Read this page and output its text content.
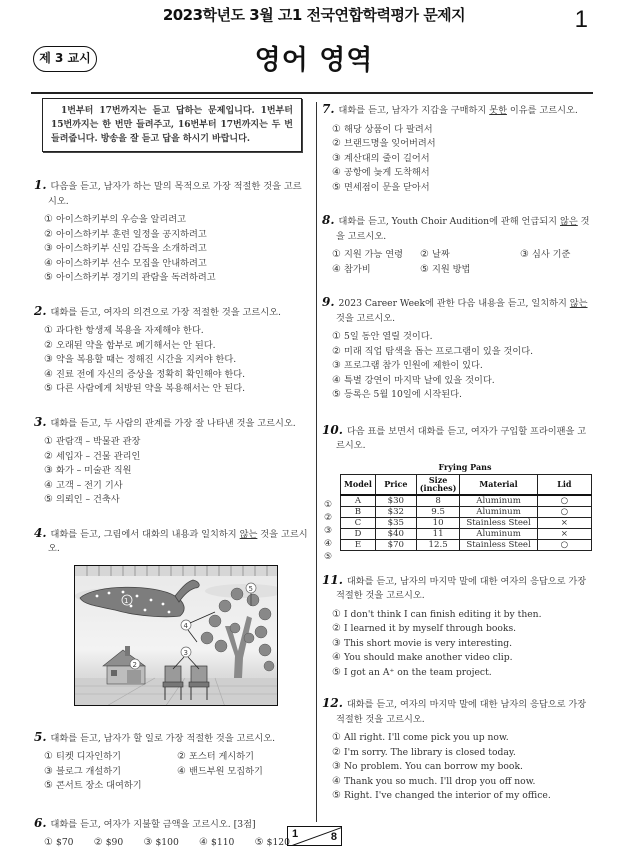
2023학년도 3월 고1 전국연합학력평가 문제지	1
제 3 교시	영어 영역
1번부터 17번까지는 듣고 답하는 문제입니다. 1번부터 15번까지는 한 번만 들려주고, 16번부터 17번까지는 두 번 들려줍니다. 방송을 잘 듣고 답을 하시기 바랍니다.
1. 다음을 듣고, 남자가 하는 말의 목적으로 가장 적절한 것을 고르시오.
① 아이스하키부의 우승을 알리려고
② 아이스하키부 훈련 일정을 공지하려고
③ 아이스하키부 신임 감독을 소개하려고
④ 아이스하키부 선수 모집을 안내하려고
⑤ 아이스하키부 경기의 관람을 독려하려고
2. 대화를 듣고, 여자의 의견으로 가장 적절한 것을 고르시오.
① 과다한 항생제 복용을 자제해야 한다.
② 오래된 약을 함부로 폐기해서는 안 된다.
③ 약을 복용할 때는 정해진 시간을 지켜야 한다.
④ 진료 전에 자신의 증상을 정확히 확인해야 한다.
⑤ 다른 사람에게 처방된 약을 복용해서는 안 된다.
3. 대화를 듣고, 두 사람의 관계를 가장 잘 나타낸 것을 고르시오.
① 관람객 – 박물관 관장
② 세입자 – 건물 관리인
③ 화가 – 미술관 직원
④ 고객 – 전기 기사
⑤ 의뢰인 – 건축사
4. 대화를 듣고, 그림에서 대화의 내용과 일치하지 않는 것을 고르시오.
1
5
4
2
3
5. 대화를 듣고, 남자가 할 일로 가장 적절한 것을 고르시오.
① 티켓 디자인하기	② 포스터 게시하기
③ 블로그 개설하기	④ 밴드부원 모집하기
⑤ 콘서트 장소 대여하기
6. 대화를 듣고, 여자가 지불할 금액을 고르시오. [3점]
① $70 ② $90 ③ $100 ④ $110 ⑤ $120
7. 대화를 듣고, 남자가 지갑을 구매하지 못한 이유를 고르시오.
① 해당 상품이 다 팔려서
② 브랜드명을 잊어버려서
③ 계산대의 줄이 길어서
④ 공항에 늦게 도착해서
⑤ 면세점이 문을 닫아서
8. 대화를 듣고, Youth Choir Audition에 관해 언급되지 않은 것을 고르시오.
① 지원 가능 연령	② 날짜	③ 심사 기준
④ 참가비	⑤ 지원 방법
9. 2023 Career Week에 관한 다음 내용을 듣고, 일치하지 않는 것을 고르시오.
① 5일 동안 열릴 것이다.
② 미래 직업 탐색을 돕는 프로그램이 있을 것이다.
③ 프로그램 참가 인원에 제한이 있다.
④ 특별 강연이 마지막 날에 있을 것이다.
⑤ 등록은 5월 10일에 시작된다.
10. 다음 표를 보면서 대화를 듣고, 여자가 구입할 프라이팬을 고르시오.
Frying Pans
①
②
③
④
⑤
Model	Price	Size (inches)	Material	Lid
A	$30	8	Aluminum	○
B	$32	9.5	Aluminum	○
C	$35	10	Stainless Steel	×
D	$40	11	Aluminum	×
E	$70	12.5	Stainless Steel	○
11. 대화를 듣고, 남자의 마지막 말에 대한 여자의 응답으로 가장 적절한 것을 고르시오.
① I don't think I can finish editing it by then.
② I learned it by myself through books.
③ This short movie is very interesting.
④ You should make another video clip.
⑤ I got an A⁺ on the team project.
12. 대화를 듣고, 여자의 마지막 말에 대한 남자의 응답으로 가장 적절한 것을 고르시오.
① All right. I'll come pick you up now.
② I'm sorry. The library is closed today.
③ No problem. You can borrow my book.
④ Thank you so much. I'll drop you off now.
⑤ Right. I've changed the interior of my office.
1	8
